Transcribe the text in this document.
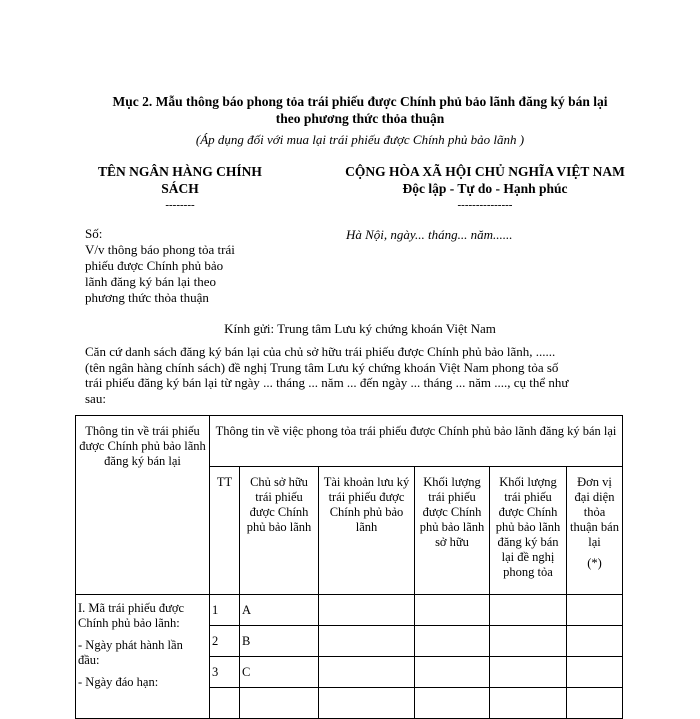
Mục 2. Mẫu thông báo phong tỏa trái phiếu được Chính phủ bảo lãnh đăng ký bán lại
theo phương thức thỏa thuận
(Áp dụng đối với mua lại trái phiếu được Chính phủ bảo lãnh )
TÊN NGÂN HÀNG CHÍNH
SÁCH
--------
CỘNG HÒA XÃ HỘI CHỦ NGHĨA VIỆT NAM
Độc lập - Tự do - Hạnh phúc
---------------
Số:
V/v thông báo phong tỏa trái
phiếu được Chính phủ bảo
lãnh đăng ký bán lại theo
phương thức thỏa thuận
Hà Nội, ngày... tháng... năm......
Kính gửi: Trung tâm Lưu ký chứng khoán Việt Nam
Căn cứ danh sách đăng ký bán lại của chủ sở hữu trái phiếu được Chính phủ bảo lãnh, ......
(tên ngân hàng chính sách) đề nghị Trung tâm Lưu ký chứng khoán Việt Nam phong tỏa số
trái phiếu đăng ký bán lại từ ngày ... tháng ... năm ... đến ngày ... tháng ... năm ...., cụ thể như
sau:
Thông tin về trái phiếu được Chính phủ bảo lãnh đăng ký bán lại	Thông tin về việc phong tỏa trái phiếu được Chính phủ bảo lãnh đăng ký bán lại					
	TT	Chủ sở hữu trái phiếu được Chính phủ bảo lãnh	Tài khoản lưu ký trái phiếu được Chính phủ bảo lãnh	Khối lượng trái phiếu được Chính phủ bảo lãnh sở hữu	Khối lượng trái phiếu được Chính phủ bảo lãnh đăng ký bán lại đề nghị phong tỏa	Đơn vị đại diện thỏa thuận bán lại
(*)

I. Mã trái phiếu được Chính phủ bảo lãnh:
- Ngày phát hành lần đầu:
- Ngày đáo hạn:	1	A				
	2	B				
	3	C				
